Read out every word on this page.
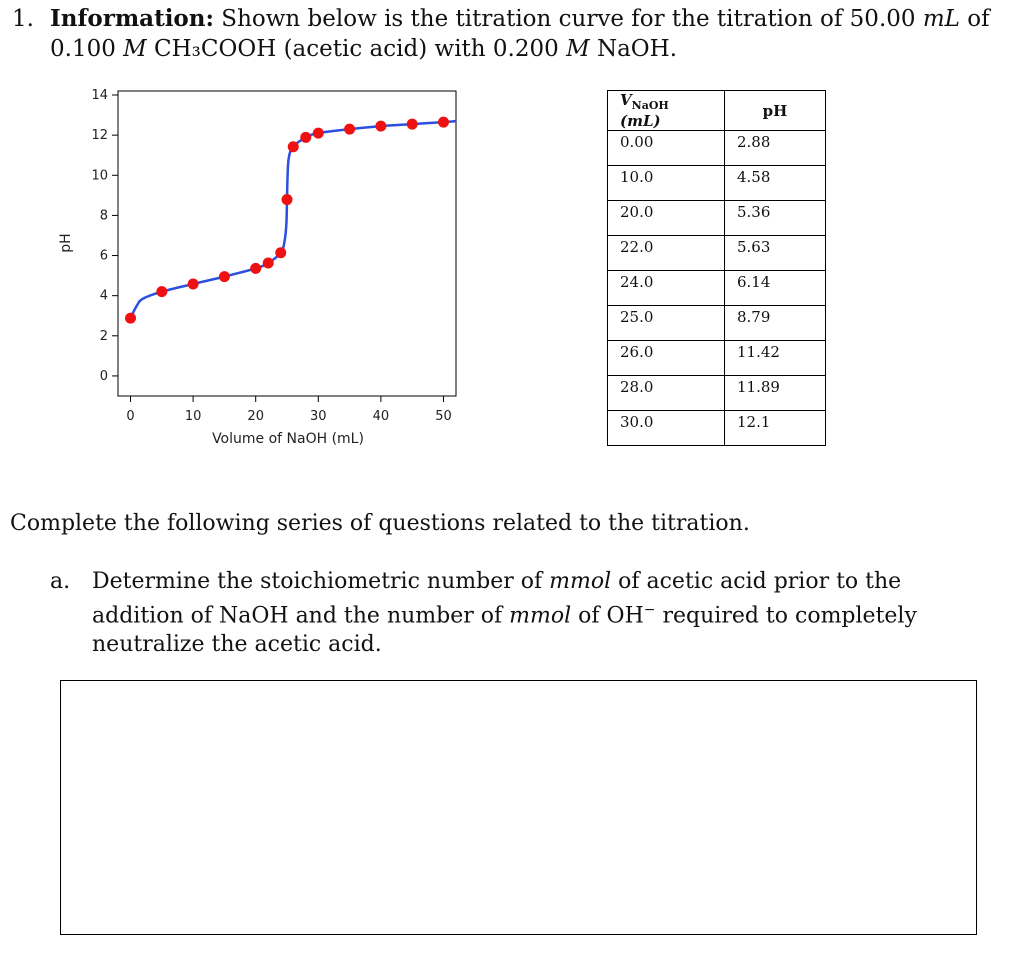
1. Information: Shown below is the titration curve for the titration of 50.00 mL of
0.100 M CH₃COOH (acetic acid) with 0.200 M NaOH.
0
2
4
6
8
10
12
14
0	10	20	30	40	50
Volume of NaOH (mL)
pH
$V_{NaOH}$ (mL)	pH
0.00	2.88
10.0	4.58
20.0	5.36
22.0	5.63
24.0	6.14
25.0	8.79
26.0	11.42
28.0	11.89
30.0	12.1
Complete the following series of questions related to the titration.
a. Determine the stoichiometric number of mmol of acetic acid prior to the addition of NaOH and the number of mmol of OH− required to completely neutralize the acetic acid.
